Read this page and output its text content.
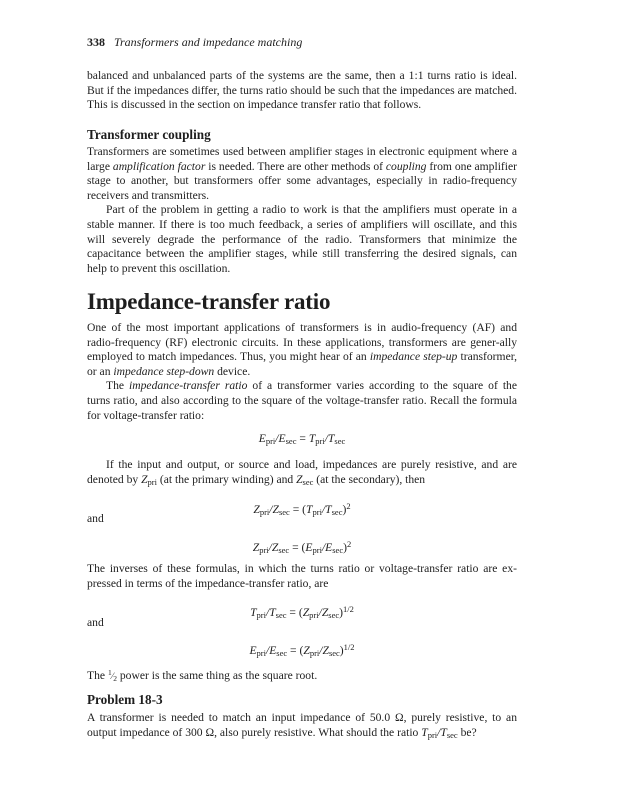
338 Transformers and impedance matching

balanced and unbalanced parts of the systems are the same, then a 1:1 turns ratio is ideal. But if the impedances differ, the turns ratio should be such that the impedances are matched. This is discussed in the section on impedance transfer ratio that follows.

Transformer coupling

Transformers are sometimes used between amplifier stages in electronic equipment where a large amplification factor is needed. There are other methods of coupling from one amplifier stage to another, but transformers offer some advantages, especially in radio-frequency receivers and transmitters.

Part of the problem in getting a radio to work is that the amplifiers must operate in a stable manner. If there is too much feedback, a series of amplifiers will oscillate, and this will severely degrade the performance of the radio. Transformers that minimize the capacitance between the amplifier stages, while still transferring the desired signals, can help to prevent this oscillation.

Impedance-transfer ratio

One of the most important applications of transformers is in audio-frequency (AF) and radio-frequency (RF) electronic circuits. In these applications, transformers are gener-ally employed to match impedances. Thus, you might hear of an impedance step-up transformer, or an impedance step-down device.

The impedance-transfer ratio of a transformer varies according to the square of the turns ratio, and also according to the square of the voltage-transfer ratio. Recall the formula for voltage-transfer ratio:

$E_{pri}/E_{sec} = T_{pri}/T_{sec}$

If the input and output, or source and load, impedances are purely resistive, and are denoted by $Z_{pri}$ (at the primary winding) and $Z_{sec}$ (at the secondary), then

$Z_{pri}/Z_{sec} = (T_{pri}/T_{sec})^2$
and
$Z_{pri}/Z_{sec} = (E_{pri}/E_{sec})^2$

The inverses of these formulas, in which the turns ratio or voltage-transfer ratio are ex-pressed in terms of the impedance-transfer ratio, are

$T_{pri}/T_{sec} = (Z_{pri}/Z_{sec})^{1/2}$
and
$E_{pri}/E_{sec} = (Z_{pri}/Z_{sec})^{1/2}$

The $^1⁄_2$ power is the same thing as the square root.

Problem 18-3

A transformer is needed to match an input impedance of 50.0 Ω, purely resistive, to an output impedance of 300 Ω, also purely resistive. What should the ratio $T_{pri}/T_{sec}$ be?
